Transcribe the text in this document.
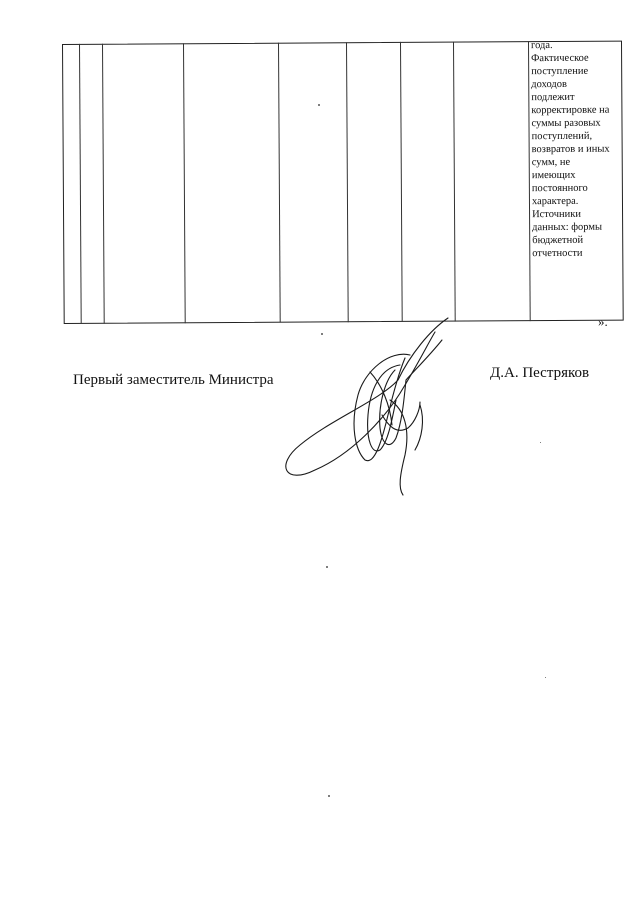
года.
Фактическое
поступление
доходов
подлежит
корректировке на
суммы разовых
поступлений,
возвратов и иных
сумм, не
имеющих
постоянного
характера.
Источники
данных: формы
бюджетной
отчетности
».
Первый заместитель Министра	Д.А. Пестряков
